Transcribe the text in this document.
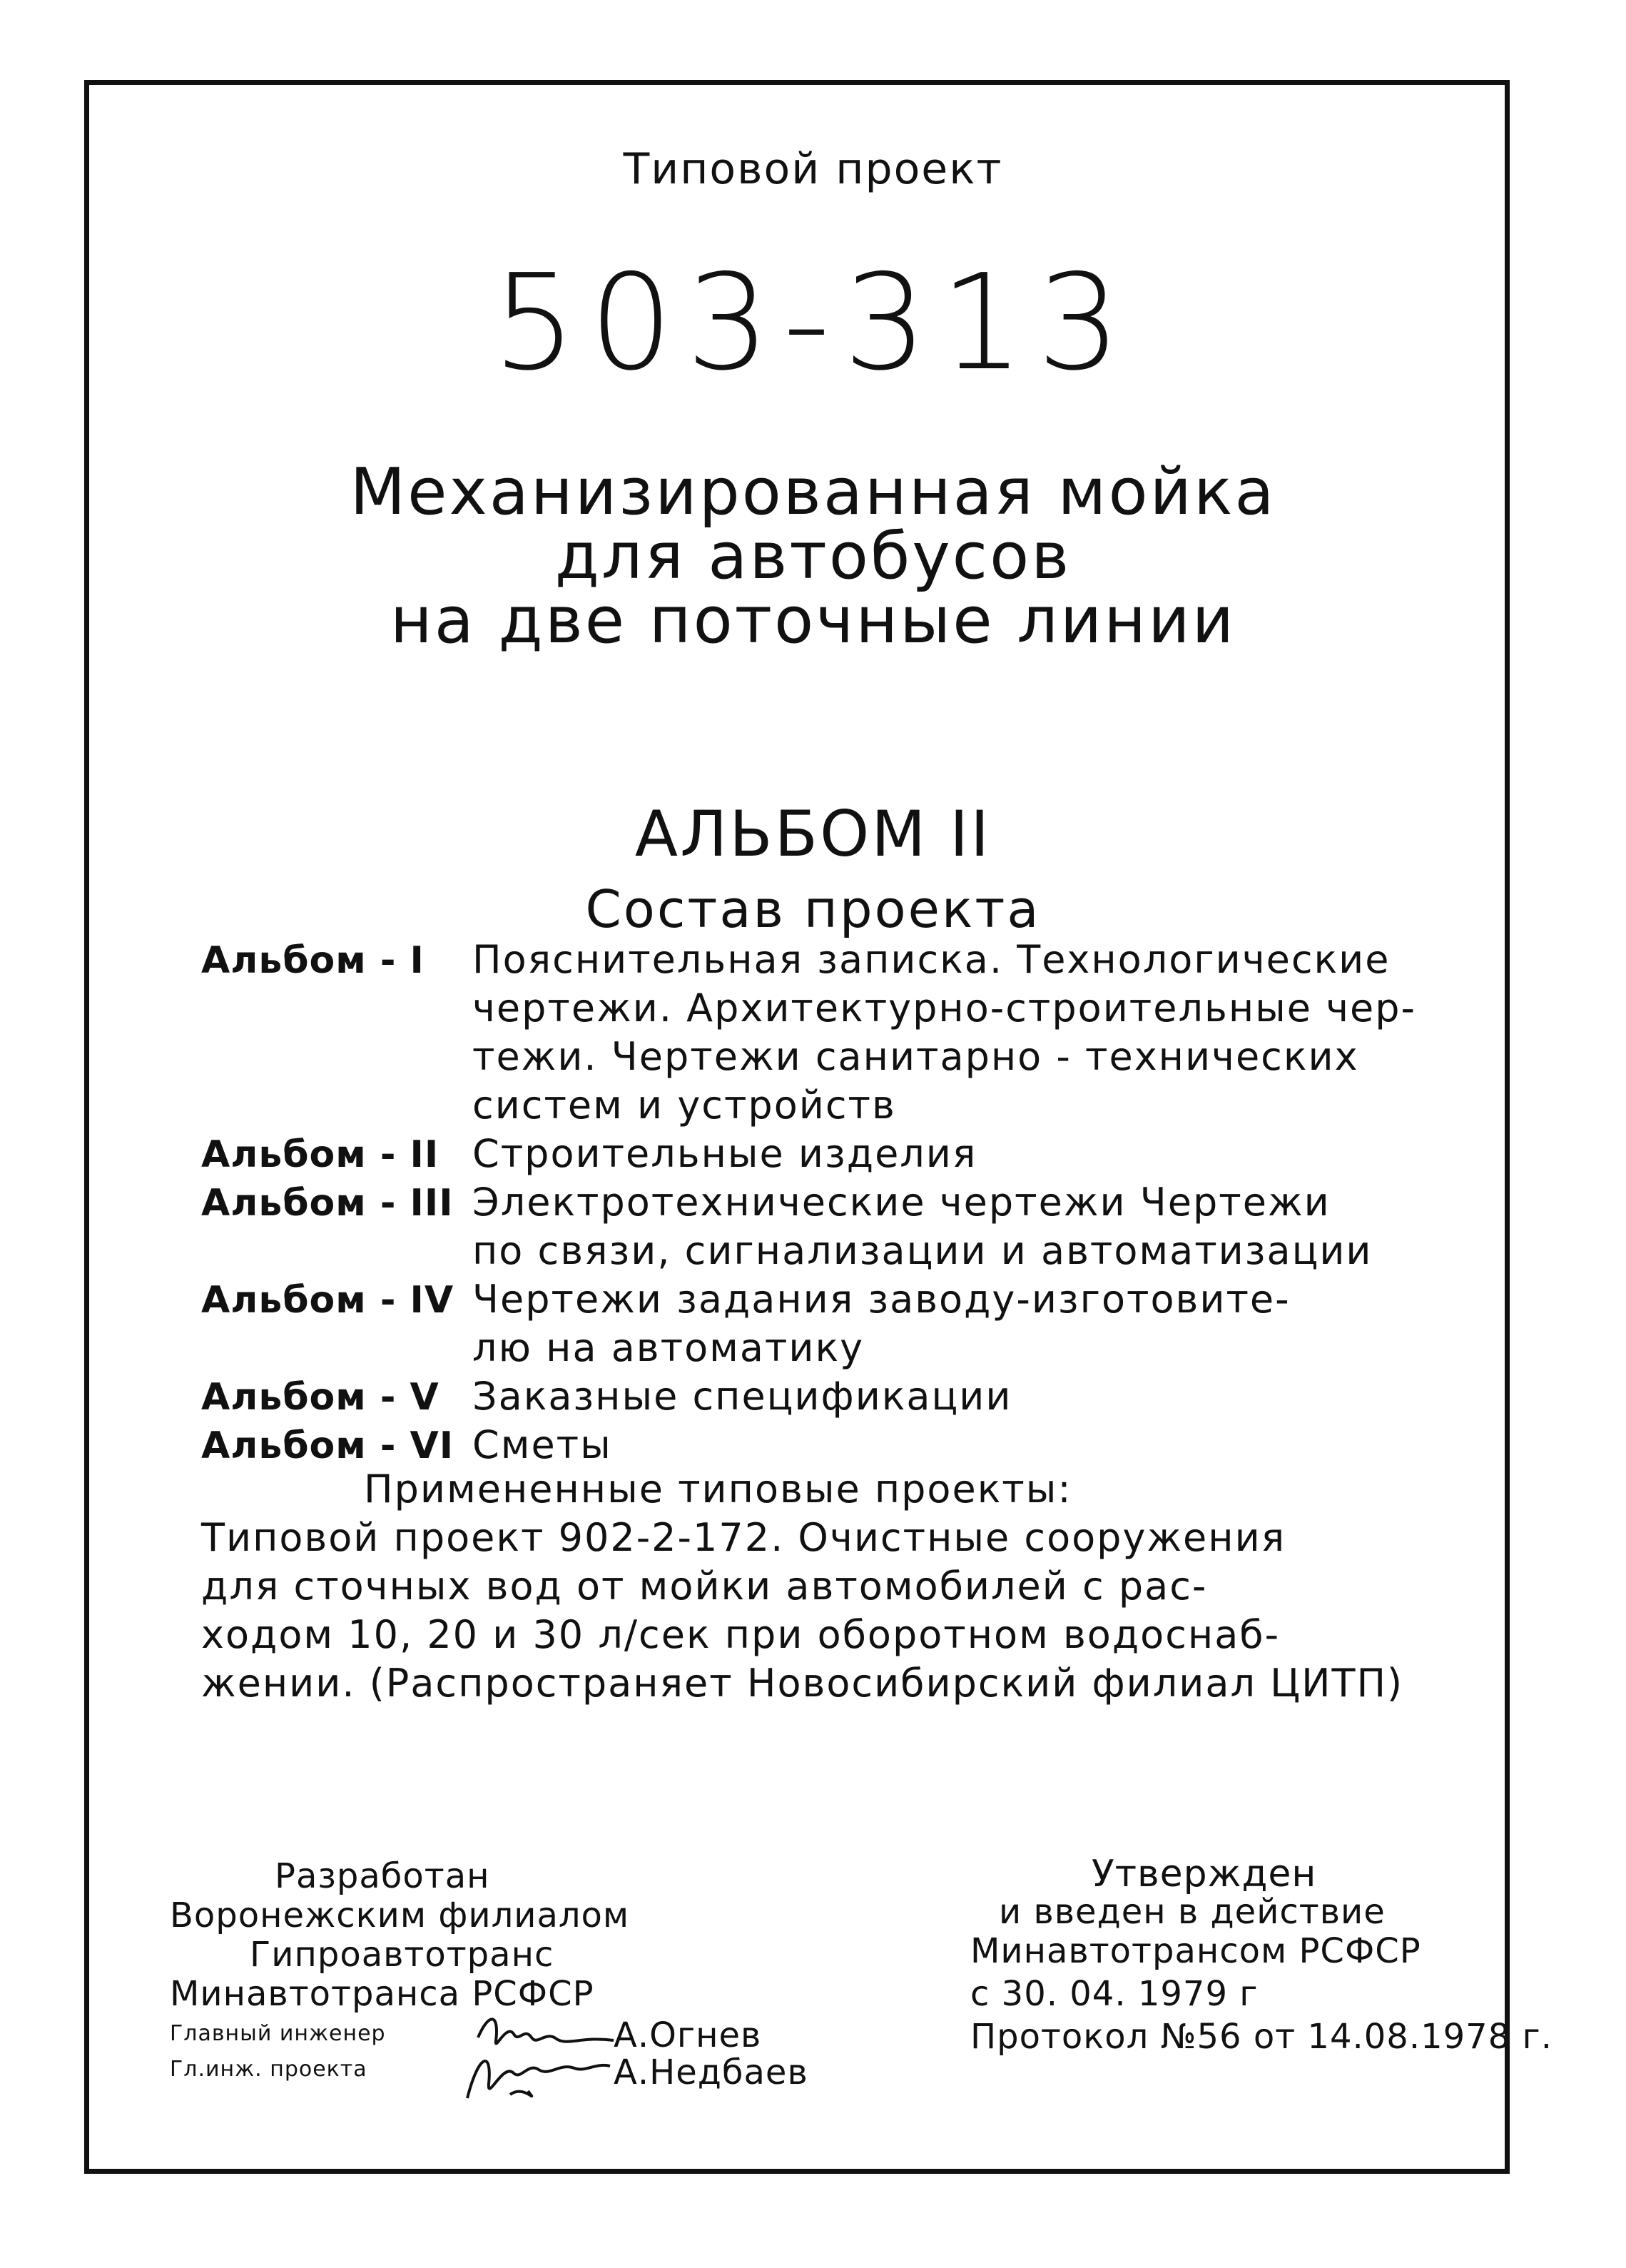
Типовой проект
503-313
Механизированная мойка
для автобусов
на две поточные линии
АЛЬБОМ II
Состав проекта
Альбом - I Пояснительная записка. Технологические
чертежи. Архитектурно-строительные чер-
тежи. Чертежи санитарно - технических
систем и устройств
Альбом - II Строительные изделия
Альбом - III Электротехнические чертежи Чертежи
по связи, сигнализации и автоматизации
Альбом - IV Чертежи задания заводу-изготовите-
лю на автоматику
Альбом - V Заказные спецификации
Альбом - VI Сметы
Примененные типовые проекты:
Типовой проект 902-2-172. Очистные сооружения
для сточных вод от мойки автомобилей с рас-
ходом 10, 20 и 30 л/сек при оборотном водоснаб-
жении. (Распространяет Новосибирский филиал ЦИТП)
Разработан
Воронежским филиалом
Гипроавтотранс
Минавтотранса РСФСР
Главный инженер	А.Огнев
Гл.инж. проекта	А.Недбаев
Утвержден
и введен в действие
Минавтотрансом РСФСР
с 30. 04. 1979 г
Протокол №56 от 14.08.1978 г.
